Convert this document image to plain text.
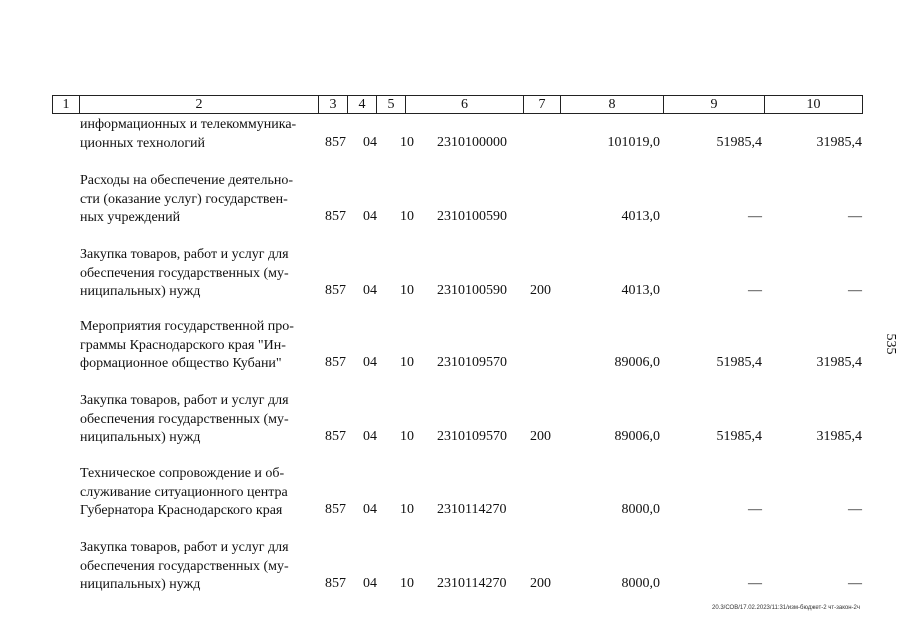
1	2	3	4	5	6	7	8	9	10
информационных и телекоммуника-
ционных технологий	857 04 10 2310100000	101019,0	51985,4	31985,4
Расходы на обеспечение деятельно-
сти (оказание услуг) государствен-
ных учреждений	857 04 10 2310100590	4013,0	—	—
Закупка товаров, работ и услуг для
обеспечения государственных (му-
ниципальных) нужд	857 04 10 2310100590 200	4013,0	—	—
Мероприятия государственной про-
граммы Краснодарского края "Ин-
формационное общество Кубани"	857 04 10 2310109570	89006,0	51985,4	31985,4
Закупка товаров, работ и услуг для
обеспечения государственных (му-
ниципальных) нужд	857 04 10 2310109570 200	89006,0	51985,4	31985,4
Техническое сопровождение и об-
служивание ситуационного центра
Губернатора Краснодарского края	857 04 10 2310114270	8000,0	—	—
Закупка товаров, работ и услуг для
обеспечения государственных (му-
ниципальных) нужд	857 04 10 2310114270 200	8000,0	—	—
535
20.3/СОВ/17.02.2023/11:31/изм-бюджет-2 чт-закон-2ч
